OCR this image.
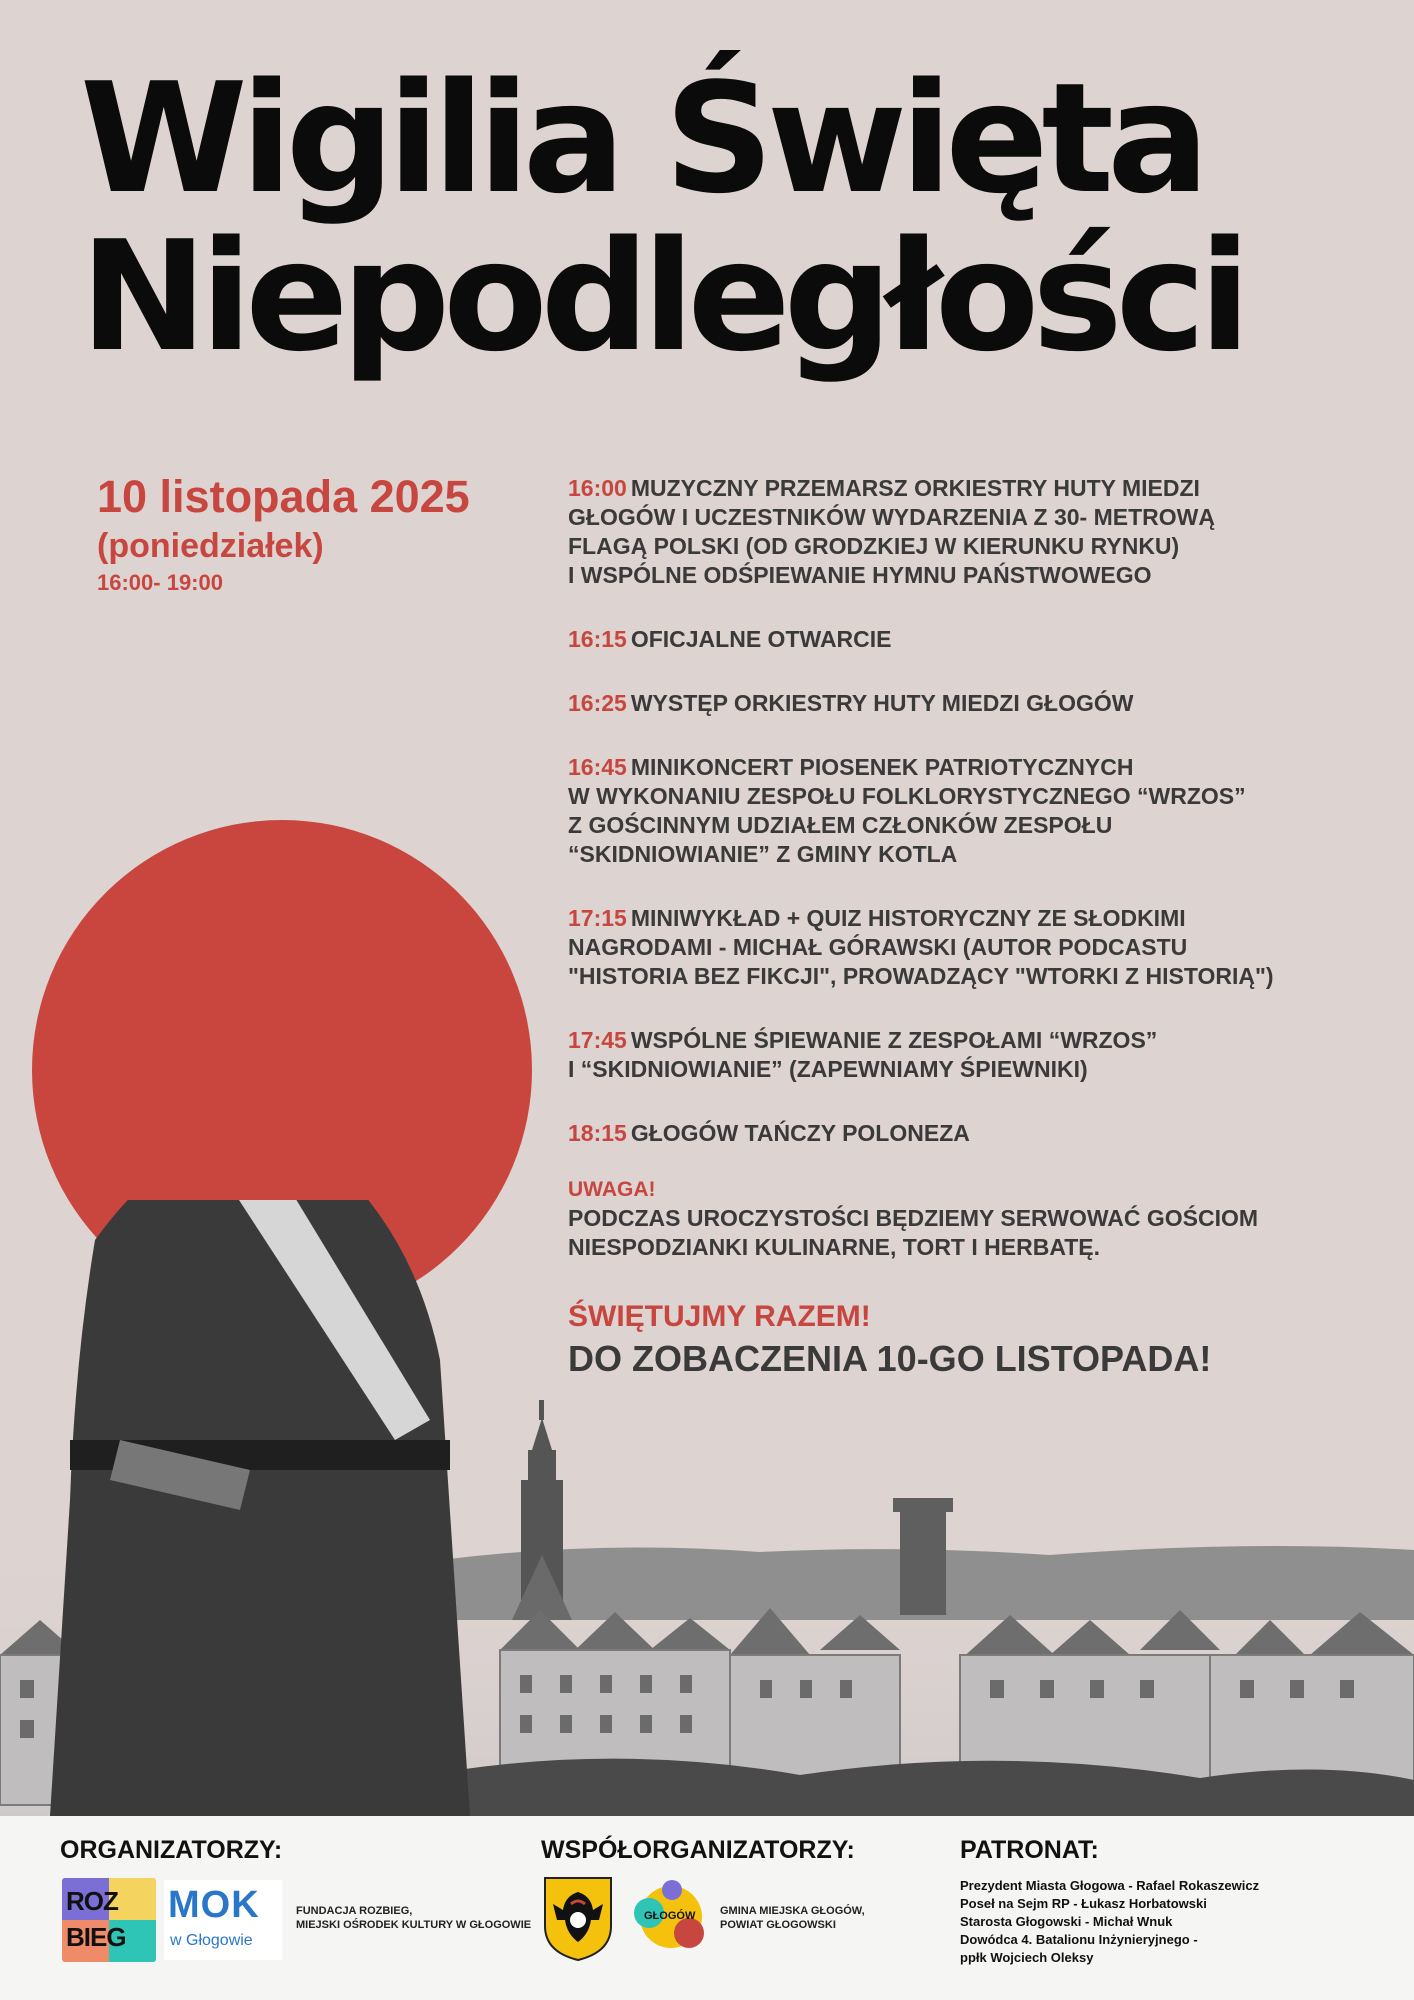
Wigilia Święta
Niepodległości
10 listopada 2025
(poniedziałek)
16:00- 19:00
16:00 MUZYCZNY PRZEMARSZ ORKIESTRY HUTY MIEDZI
GŁOGÓW I UCZESTNIKÓW WYDARZENIA Z 30- METROWĄ
FLAGĄ POLSKI (OD GRODZKIEJ W KIERUNKU RYNKU)
I WSPÓLNE ODŚPIEWANIE HYMNU PAŃSTWOWEGO
16:15 OFICJALNE OTWARCIE
16:25 WYSTĘP ORKIESTRY HUTY MIEDZI GŁOGÓW
16:45 MINIKONCERT PIOSENEK PATRIOTYCZNYCH
W WYKONANIU ZESPOŁU FOLKLORYSTYCZNEGO “WRZOS”
Z GOŚCINNYM UDZIAŁEM CZŁONKÓW ZESPOŁU
“SKIDNIOWIANIE” Z GMINY KOTLA
17:15 MINIWYKŁAD + QUIZ HISTORYCZNY ZE SŁODKIMI
NAGRODAMI - MICHAŁ GÓRAWSKI (AUTOR PODCASTU
"HISTORIA BEZ FIKCJI", PROWADZĄCY "WTORKI Z HISTORIĄ")
17:45 WSPÓLNE ŚPIEWANIE Z ZESPOŁAMI “WRZOS”
I “SKIDNIOWIANIE” (ZAPEWNIAMY ŚPIEWNIKI)
18:15 GŁOGÓW TAŃCZY POLONEZA
UWAGA!
PODCZAS UROCZYSTOŚCI BĘDZIEMY SERWOWAĆ GOŚCIOM
NIESPODZIANKI KULINARNE, TORT I HERBATĘ.
ŚWIĘTUJMY RAZEM!
DO ZOBACZENIA 10-GO LISTOPADA!
ORGANIZATORZY:
ROZ
BIEG
MOK
w Głogowie
FUNDACJA ROZBIEG,
MIEJSKI OŚRODEK KULTURY W GŁOGOWIE
WSPÓŁORGANIZATORZY:
GŁOGÓW GMINA MIEJSKA GŁOGÓW,
POWIAT GŁOGOWSKI
PATRONAT:
Prezydent Miasta Głogowa - Rafael Rokaszewicz
Poseł na Sejm RP - Łukasz Horbatowski
Starosta Głogowski - Michał Wnuk
Dowódca 4. Batalionu Inżynieryjnego -
ppłk Wojciech Oleksy
